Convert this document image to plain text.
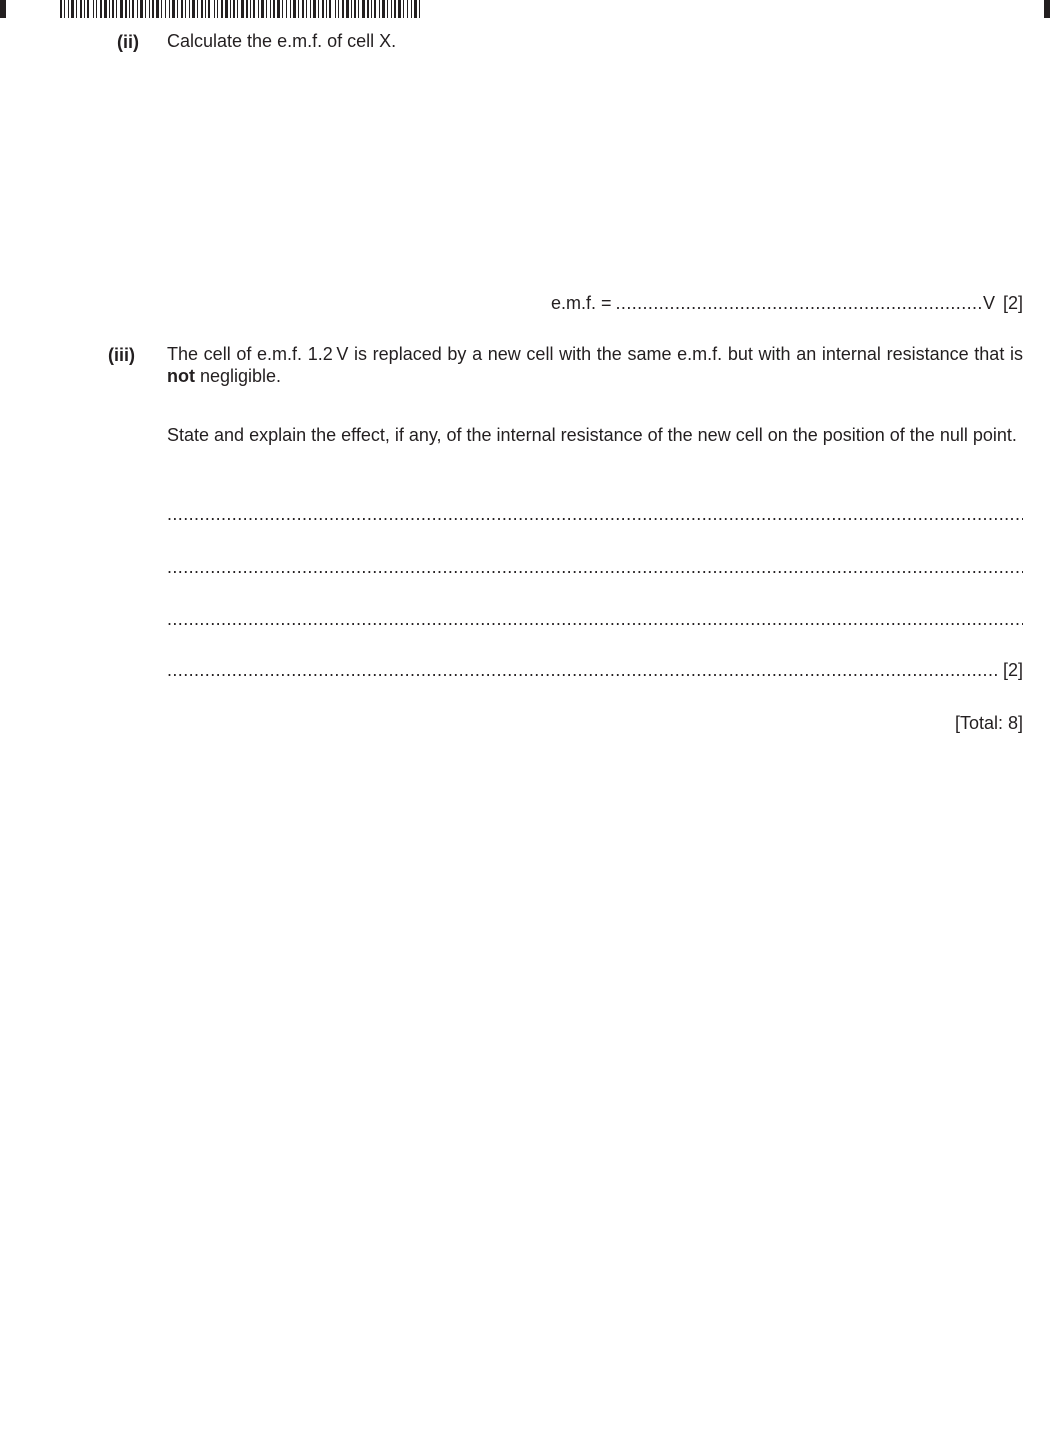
(ii) Calculate the e.m.f. of cell X.
e.m.f. =
.....	V [2]
(iii) The cell of e.m.f. 1.2 V is replaced by a new cell with the same e.m.f. but with an internal resistance that is not negligible.
State and explain the effect, if any, of the internal resistance of the new cell on the position of the null point.
.....
.....
.....
.....
[2]
[Total: 8]
